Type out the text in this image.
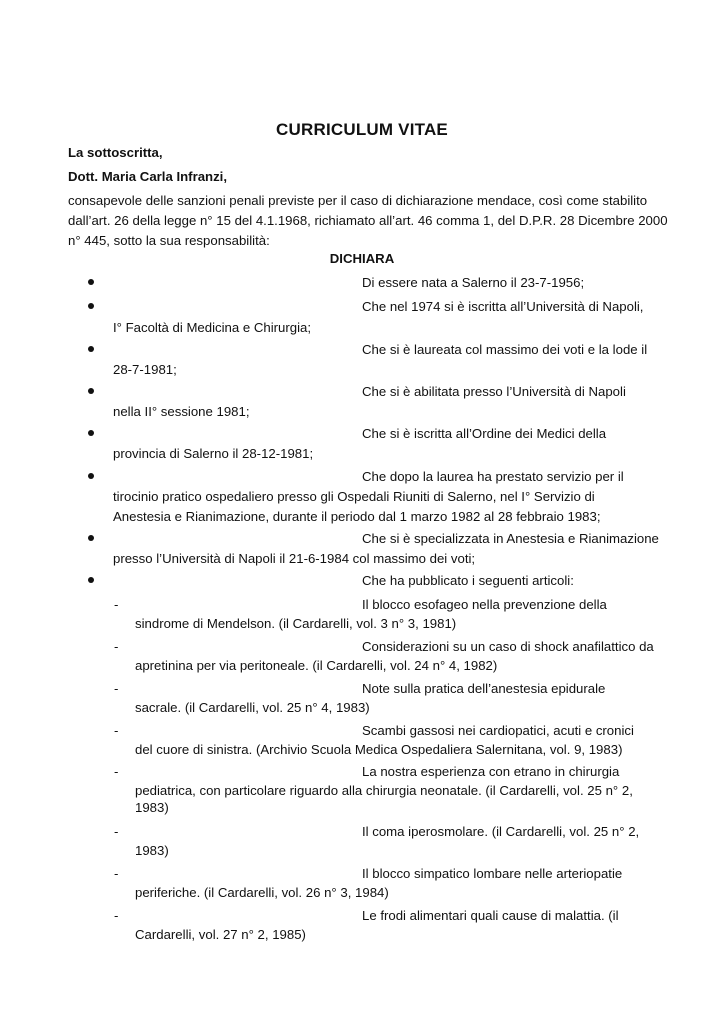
CURRICULUM VITAE
La sottoscritta,
Dott. Maria Carla Infranzi,
consapevole delle sanzioni penali previste per il caso di dichiarazione mendace, così come stabilito dall’art. 26 della legge n° 15 del 4.1.1968, richiamato all’art. 46 comma 1, del D.P.R. 28 Dicembre 2000 n° 445, sotto la sua responsabilità:
DICHIARA
Di essere nata a Salerno il 23-7-1956;
Che nel 1974 si è iscritta all’Università di Napoli,
I° Facoltà di Medicina e Chirurgia;
Che si è laureata col massimo dei voti e la lode il
28-7-1981;
Che si è abilitata presso l’Università di Napoli
nella II° sessione 1981;
Che si è iscritta all’Ordine dei Medici della
provincia di Salerno il 28-12-1981;
Che dopo la laurea ha prestato servizio per il
tirocinio pratico ospedaliero presso gli Ospedali Riuniti di Salerno, nel I° Servizio di
Anestesia e Rianimazione, durante il periodo dal 1 marzo 1982 al 28 febbraio 1983;
Che si è specializzata in Anestesia e Rianimazione
presso l’Università di Napoli il 21-6-1984 col massimo dei voti;
Che ha pubblicato i seguenti articoli:
-	Il blocco esofageo nella prevenzione della
sindrome di Mendelson. (il Cardarelli, vol. 3 n° 3, 1981)
-	Considerazioni su un caso di shock anafilattico da
apretinina per via peritoneale. (il Cardarelli, vol. 24 n° 4, 1982)
-	Note sulla pratica dell’anestesia epidurale
sacrale. (il Cardarelli, vol. 25 n° 4, 1983)
-	Scambi gassosi nei cardiopatici, acuti e cronici
del cuore di sinistra. (Archivio Scuola Medica Ospedaliera Salernitana, vol. 9, 1983)
-	La nostra esperienza con etrano in chirurgia
pediatrica, con particolare riguardo alla chirurgia neonatale. (il Cardarelli, vol. 25 n° 2,
1983)
-	Il coma iperosmolare. (il Cardarelli, vol. 25 n° 2,
1983)
-	Il blocco simpatico lombare nelle arteriopatie
periferiche. (il Cardarelli, vol. 26 n° 3, 1984)
-	Le frodi alimentari quali cause di malattia. (il
Cardarelli, vol. 27 n° 2, 1985)
